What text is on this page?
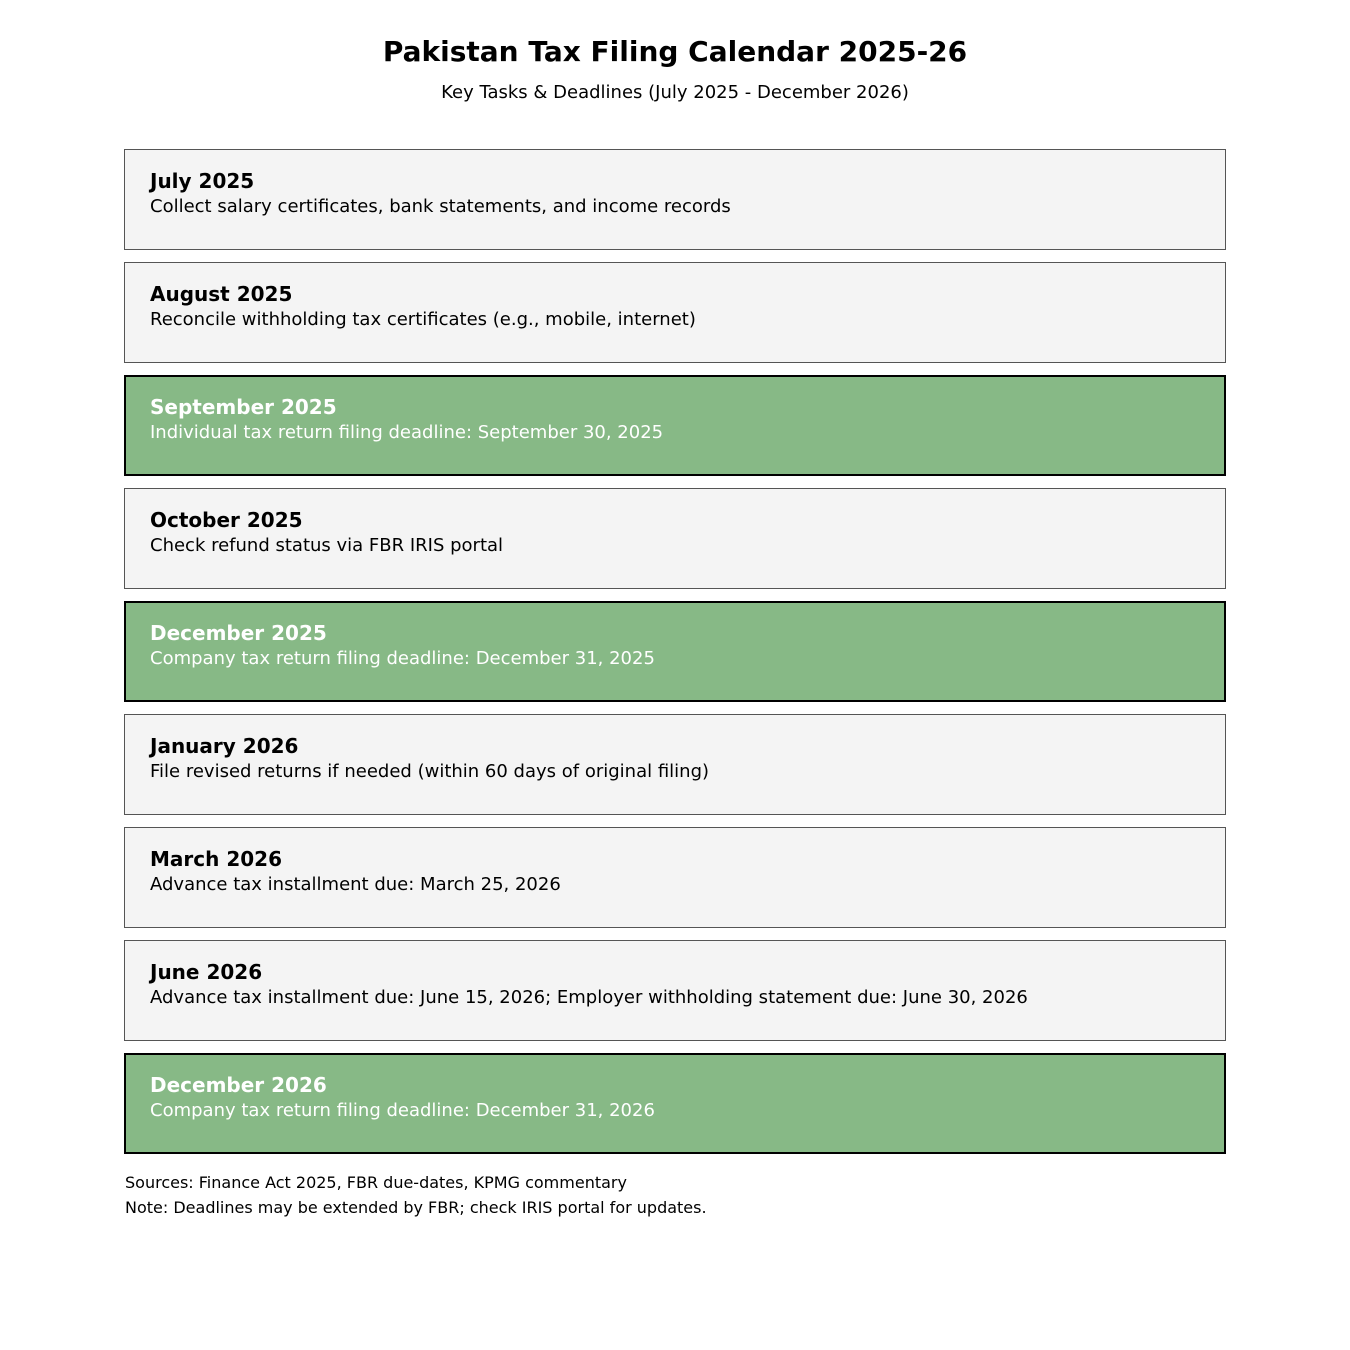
Pakistan Tax Filing Calendar 2025-26
Key Tasks & Deadlines (July 2025 - December 2026)
July 2025
Collect salary certificates, bank statements, and income records
August 2025
Reconcile withholding tax certificates (e.g., mobile, internet)
September 2025
Individual tax return filing deadline: September 30, 2025
October 2025
Check refund status via FBR IRIS portal
December 2025
Company tax return filing deadline: December 31, 2025
January 2026
File revised returns if needed (within 60 days of original filing)
March 2026
Advance tax installment due: March 25, 2026
June 2026
Advance tax installment due: June 15, 2026; Employer withholding statement due: June 30, 2026
December 2026
Company tax return filing deadline: December 31, 2026
Sources: Finance Act 2025, FBR due-dates, KPMG commentary
Note: Deadlines may be extended by FBR; check IRIS portal for updates.
